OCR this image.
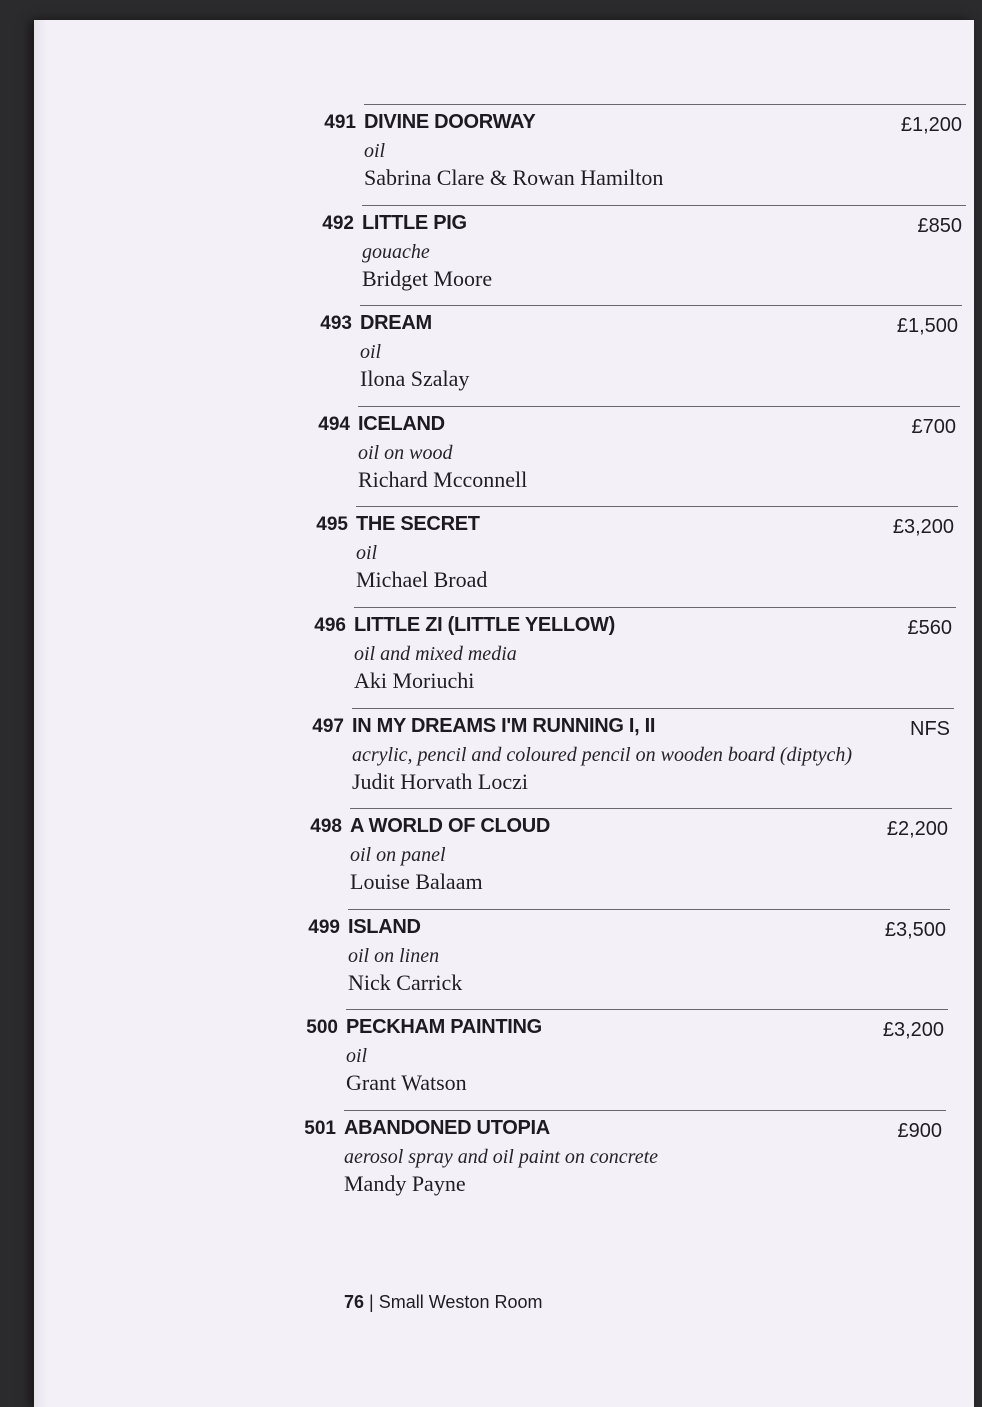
491 DIVINE DOORWAY
oil
Sabrina Clare & Rowan Hamilton
£1,200
492 LITTLE PIG
gouache
Bridget Moore
£850
493 DREAM
oil
Ilona Szalay
£1,500
494 ICELAND
oil on wood
Richard Mcconnell
£700
495 THE SECRET
oil
Michael Broad
£3,200
496 LITTLE ZI (LITTLE YELLOW)
oil and mixed media
Aki Moriuchi
£560
497 IN MY DREAMS I'M RUNNING I, II
acrylic, pencil and coloured pencil on wooden board (diptych)
Judit Horvath Loczi
NFS
498 A WORLD OF CLOUD
oil on panel
Louise Balaam
£2,200
499 ISLAND
oil on linen
Nick Carrick
£3,500
500 PECKHAM PAINTING
oil
Grant Watson
£3,200
501 ABANDONED UTOPIA
aerosol spray and oil paint on concrete
Mandy Payne
£900
76 | Small Weston Room
